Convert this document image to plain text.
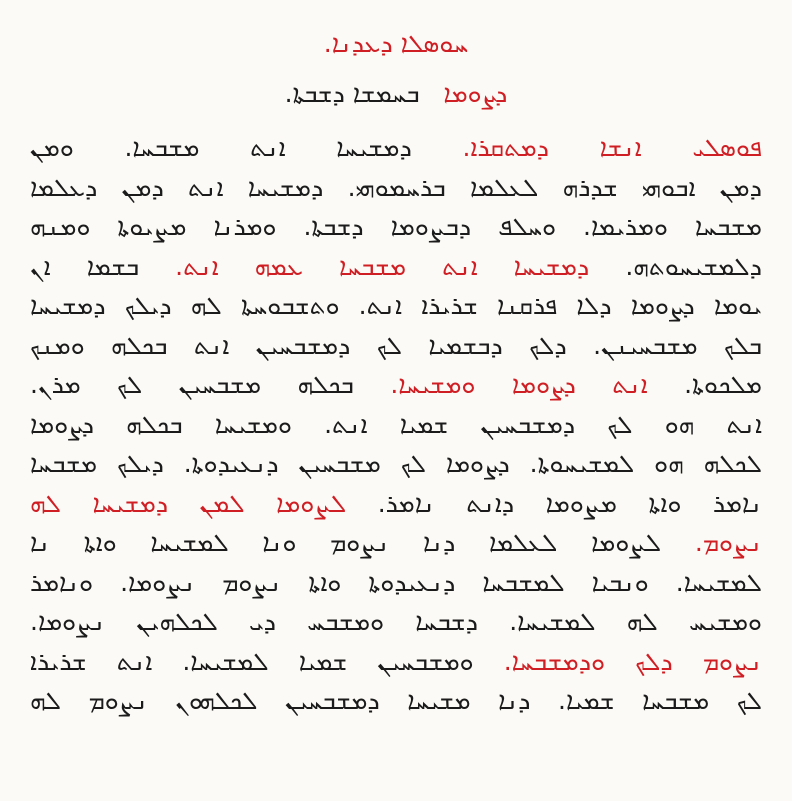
ܚܘܣܠܐ ܕܥܕܢܐ.
ܕܨܘܡܐ   ܒܚܡܫܐ ܕܫܒܬܐ.
ܦܘܣܠܝ ܐܢܫܐ ܕܡܬܩܪܐ. ܕܡܫܝܚܐ ܐܢܬ ܡܫܒܚܐ. ܘܡܢ
ܕܡܢ ܐܒܘܗܝ ܫܕܪܗ ܠܥܠܡܐ ܒܪܚܡܘܗܝ. ܕܡܫܝܚܐ ܐܢܬ ܕܡܢ ܕܥܠܡܐ
ܡܫܒܚܐ ܘܡܪܝܡܐ. ܘܚܠܦ ܕܒܨܘܡܐ ܕܫܒܬܐ. ܘܡܪܢܐ ܡܨܝܘܬܐ ܘܡܢܗ
ܕܠܡܫܝܚܘܬܗ. ܕܡܫܝܚܐ ܐܢܬ ܡܫܒܚܐ ܥܡܗ ܐܢܬ. ܒܫܡܐ ܐܢ
ܝܘܡܐ ܕܨܘܡܐ ܕܠܐ ܦܪܩܢܐ ܫܪܝܪܐ ܐܢܬ. ܘܬܫܒܘܚܬܐ ܠܗ ܕܝܠܟ ܕܡܫܝܚܐ
ܒܠܟ ܡܫܒܚܝܢܢ. ܕܠܟ ܕܒܫܡܝܐ ܠܟ ܕܡܫܒܚܝܢ ܐܢܬ ܒܟܠܗ ܘܡܢܟ
ܡܠܟܘܬܐ. ܐܢܬ ܕܨܘܡܐ ܘܡܫܝܚܐ. ܒܟܠܗ ܡܫܒܚܝܢ ܠܟ ܡܪܢ.
ܐܢܬ ܗܘ ܠܟ ܕܡܫܒܚܝܢ ܫܡܝܐ ܐܢܬ. ܘܡܫܝܚܐ ܒܟܠܗ ܕܨܘܡܐ
ܠܟܠܗ ܗܘ ܠܡܫܝܚܘܬܐ. ܕܨܘܡܐ ܠܟ ܡܫܒܚܝܢ ܕܢܥܝܕܘܬܐ. ܕܝܠܟ ܡܫܒܚܐ
ܢܐܡܪ ܘܐܬܐ ܡܨܘܡܐ ܕܐܢܬ ܢܐܡܪ. ܠܨܘܡܐ ܠܡܢ ܕܡܫܝܚܐ ܠܗ
ܢܨܘܡ. ܠܨܘܡܐ ܠܥܠܡܐ ܕܢܐ ܢܨܘܡ ܘܢܐ ܠܡܫܝܚܐ ܘܐܬܐ ܢܐ
ܠܡܫܝܚܐ. ܘܢܒܝܐ ܠܡܫܒܚܐ ܕܢܥܝܕܘܬܐ ܘܐܬܐ ܢܨܘܡ ܢܨܘܡܐ. ܘܢܐܡܪ
ܘܡܫܝܚ ܠܗ ܠܡܫܝܚܐ. ܕܫܒܚܐ ܘܡܫܒܚ ܕܝ ܠܟܠܗܝܢ ܢܨܘܡܐ.
ܢܨܘܡ ܕܠܟ ܘܕܡܫܒܚܐ. ܘܡܫܒܚܝܢ ܫܡܝܐ ܠܡܫܝܚܐ. ܐܢܬ ܫܪܝܪܐ
ܠܟ ܡܫܒܚܐ ܫܡܝܐ. ܕܢܐ ܡܫܝܚܐ ܕܡܫܒܚܝܢ ܠܟܠܗܘܢ ܢܨܘܡ ܠܗ
